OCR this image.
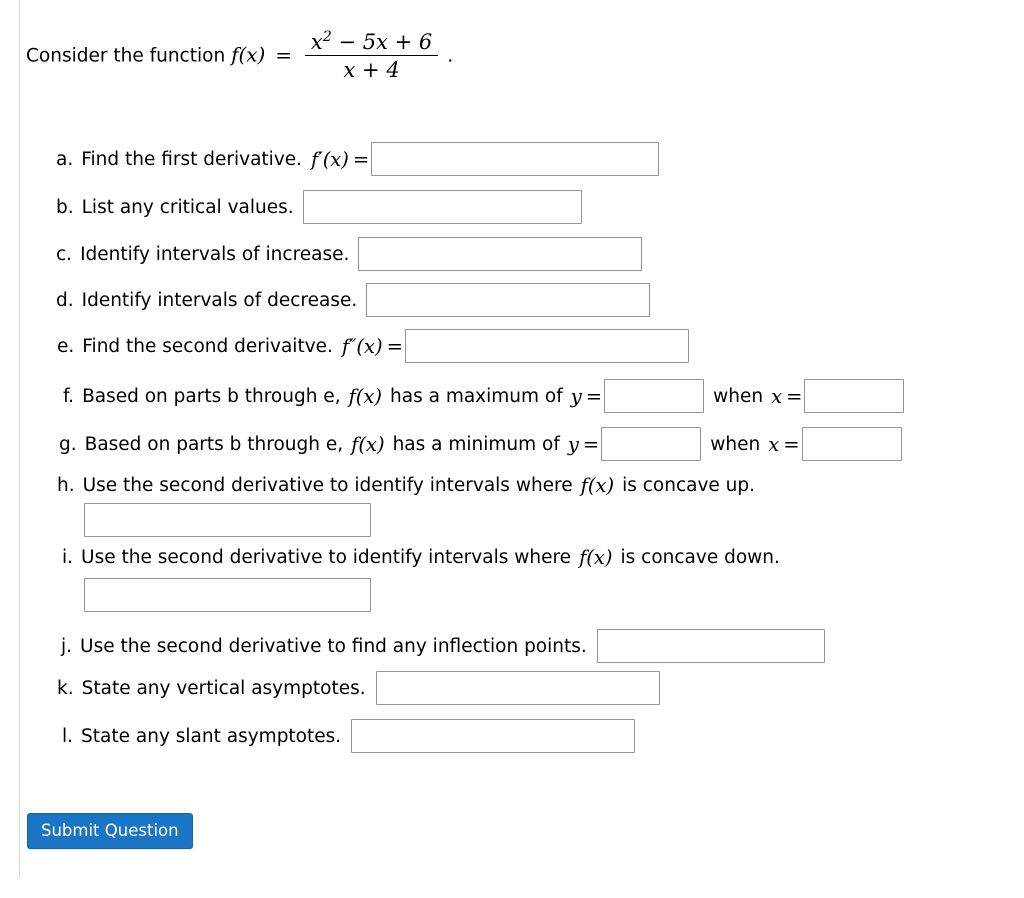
Consider the function $f(x) = \frac{x^2 - 5x + 6}{x + 4}$ .
a. Find the first derivative. f′(x) =
b. List any critical values.
c. Identify intervals of increase.
d. Identify intervals of decrease.
e. Find the second derivaitve. f″(x) =
f. Based on parts b through e, f(x) has a maximum of y =	when x =
g. Based on parts b through e, f(x) has a minimum of y =	when x =
h. Use the second derivative to identify intervals where f(x) is concave up.
i. Use the second derivative to identify intervals where f(x) is concave down.
j. Use the second derivative to find any inflection points.
k. State any vertical asymptotes.
l. State any slant asymptotes.
Submit Question
